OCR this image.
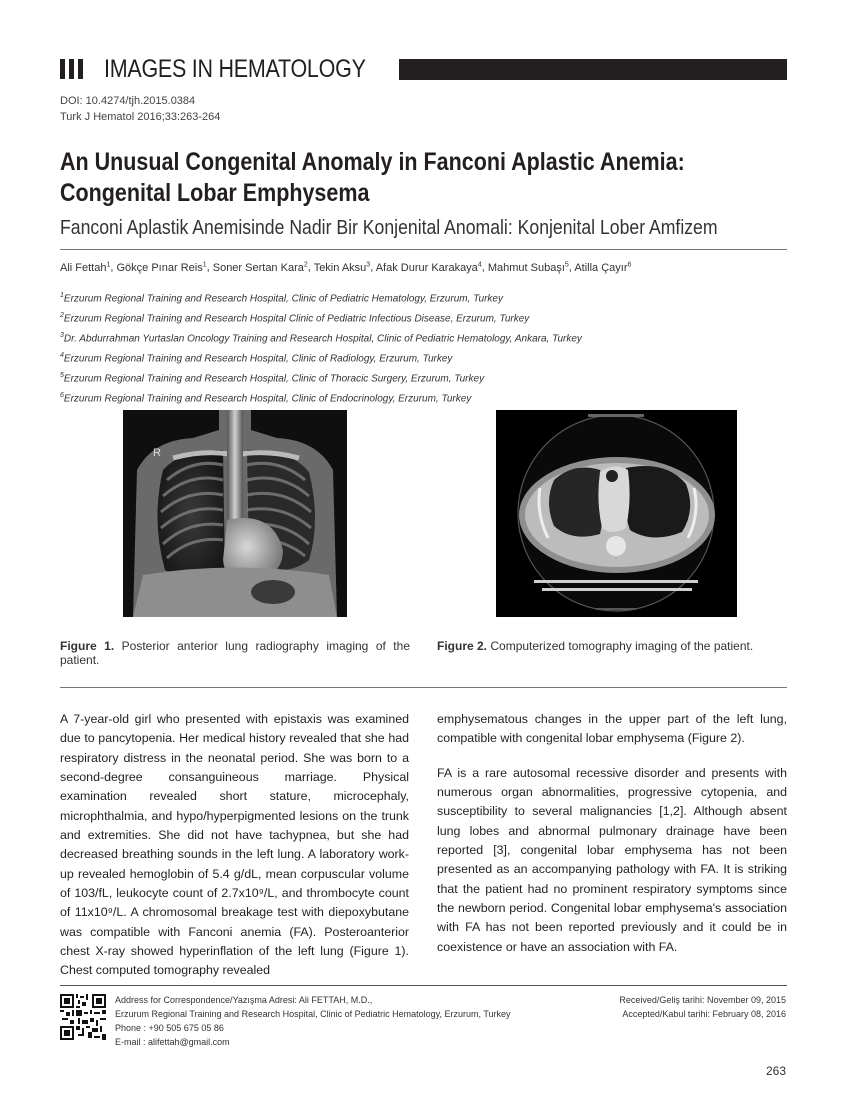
IMAGES IN HEMATOLOGY
DOI: 10.4274/tjh.2015.0384
Turk J Hematol 2016;33:263-264
An Unusual Congenital Anomaly in Fanconi Aplastic Anemia:
Congenital Lobar Emphysema
Fanconi Aplastik Anemisinde Nadir Bir Konjenital Anomali: Konjenital Lober Amfizem
Ali Fettah$^1$, Gökçe Pınar Reis$^1$, Soner Sertan Kara$^2$, Tekin Aksu$^3$, Afak Durur Karakaya$^4$, Mahmut Subaşı$^5$, Atilla Çayır$^6$
$^1$Erzurum Regional Training and Research Hospital, Clinic of Pediatric Hematology, Erzurum, Turkey
$^2$Erzurum Regional Training and Research Hospital Clinic of Pediatric Infectious Disease, Erzurum, Turkey
$^3$Dr. Abdurrahman Yurtaslan Oncology Training and Research Hospital, Clinic of Pediatric Hematology, Ankara, Turkey
$^4$Erzurum Regional Training and Research Hospital, Clinic of Radiology, Erzurum, Turkey
$^5$Erzurum Regional Training and Research Hospital, Clinic of Thoracic Surgery, Erzurum, Turkey
$^6$Erzurum Regional Training and Research Hospital, Clinic of Endocrinology, Erzurum, Turkey
R
Figure 1. Posterior anterior lung radiography imaging of the patient.
Figure 2. Computerized tomography imaging of the patient.
A 7-year-old girl who presented with epistaxis was examined due to pancytopenia. Her medical history revealed that she had respiratory distress in the neonatal period. She was born to a second-degree consanguineous marriage. Physical examination revealed short stature, microcephaly, microphthalmia, and hypo/hyperpigmented lesions on the trunk and extremities. She did not have tachypnea, but she had decreased breathing sounds in the left lung. A laboratory work-up revealed hemoglobin of 5.4 g/dL, mean corpuscular volume of 103/fL, leukocyte count of 2.7x10⁹/L, and thrombocyte count of 11x10⁹/L. A chromosomal breakage test with diepoxybutane was compatible with Fanconi anemia (FA). Posteroanterior chest X-ray showed hyperinflation of the left lung (Figure 1). Chest computed tomography revealed

emphysematous changes in the upper part of the left lung, compatible with congenital lobar emphysema (Figure 2).

FA is a rare autosomal recessive disorder and presents with numerous organ abnormalities, progressive cytopenia, and susceptibility to several malignancies [1,2]. Although absent lung lobes and abnormal pulmonary drainage have been reported [3], congenital lobar emphysema has not been presented as an accompanying pathology with FA. It is striking that the patient had no prominent respiratory symptoms since the newborn period. Congenital lobar emphysema's association with FA has not been reported previously and it could be in coexistence or have an association with FA.

Address for Correspondence/Yazışma Adresi: Ali FETTAH, M.D.,
Erzurum Regional Training and Research Hospital, Clinic of Pediatric Hematology, Erzurum, Turkey
Phone : +90 505 675 05 86
E-mail : alifettah@gmail.com
Received/Geliş tarihi: November 09, 2015
Accepted/Kabul tarihi: February 08, 2016
263
